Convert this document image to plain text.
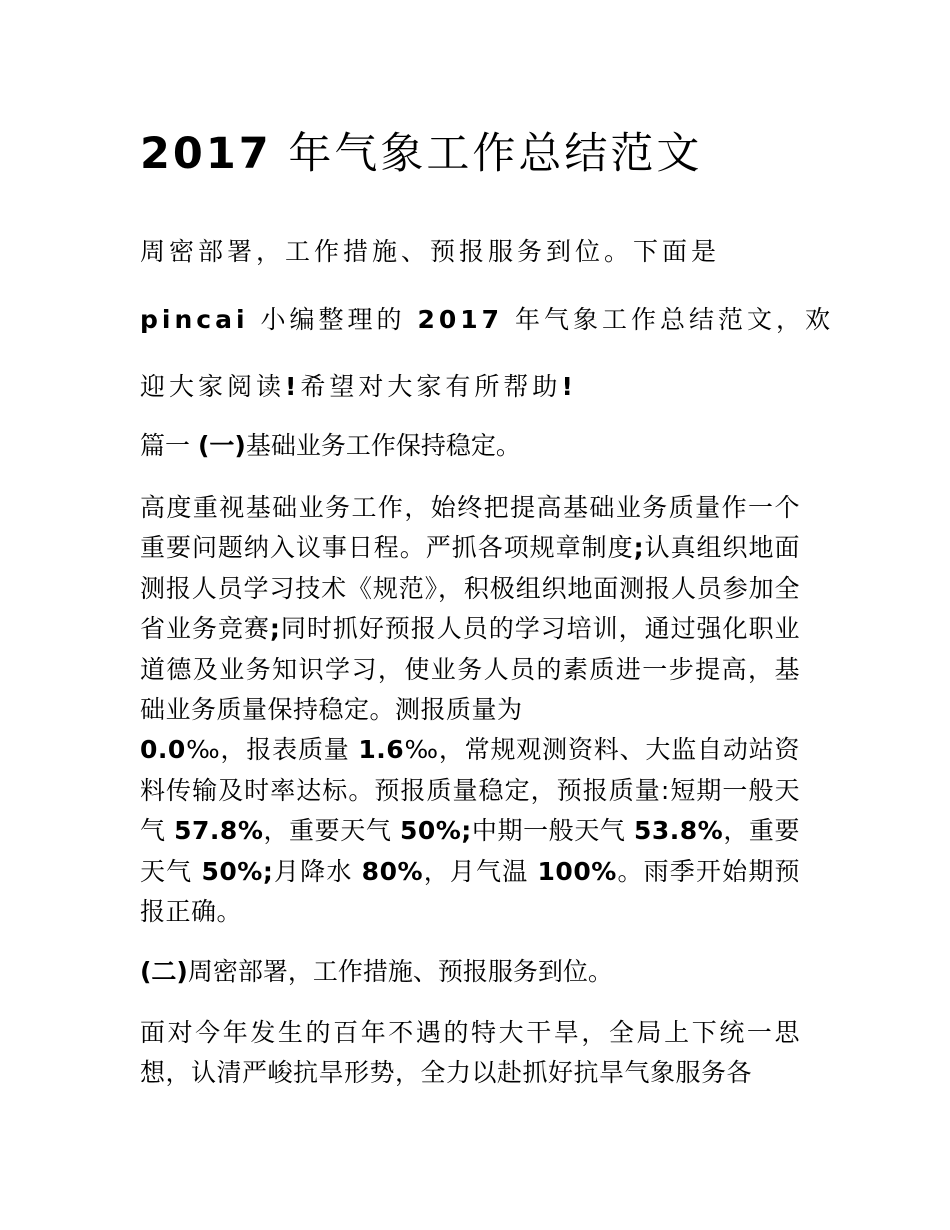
2017 年气象工作总结范文

周密部署，工作措施、预报服务到位。下面是

pincai 小编整理的 2017 年气象工作总结范文，欢

迎大家阅读!希望对大家有所帮助!

篇一 (一)基础业务工作保持稳定。

高度重视基础业务工作，始终把提高基础业务质量作一个重要问题纳入议事日程。严抓各项规章制度;认真组织地面测报人员学习技术《规范》，积极组织地面测报人员参加全省业务竞赛;同时抓好预报人员的学习培训，通过强化职业道德及业务知识学习，使业务人员的素质进一步提高，基础业务质量保持稳定。测报质量为
0.0‰，报表质量 1.6‰，常规观测资料、大监自动站资料传输及时率达标。预报质量稳定，预报质量:短期一般天气 57.8%，重要天气 50%;中期一般天气 53.8%，重要天气 50%;月降水 80%，月气温 100%。雨季开始期预报正确。

(二)周密部署，工作措施、预报服务到位。

面对今年发生的百年不遇的特大干旱，全局上下统一思想，认清严峻抗旱形势，全力以赴抓好抗旱气象服务各
